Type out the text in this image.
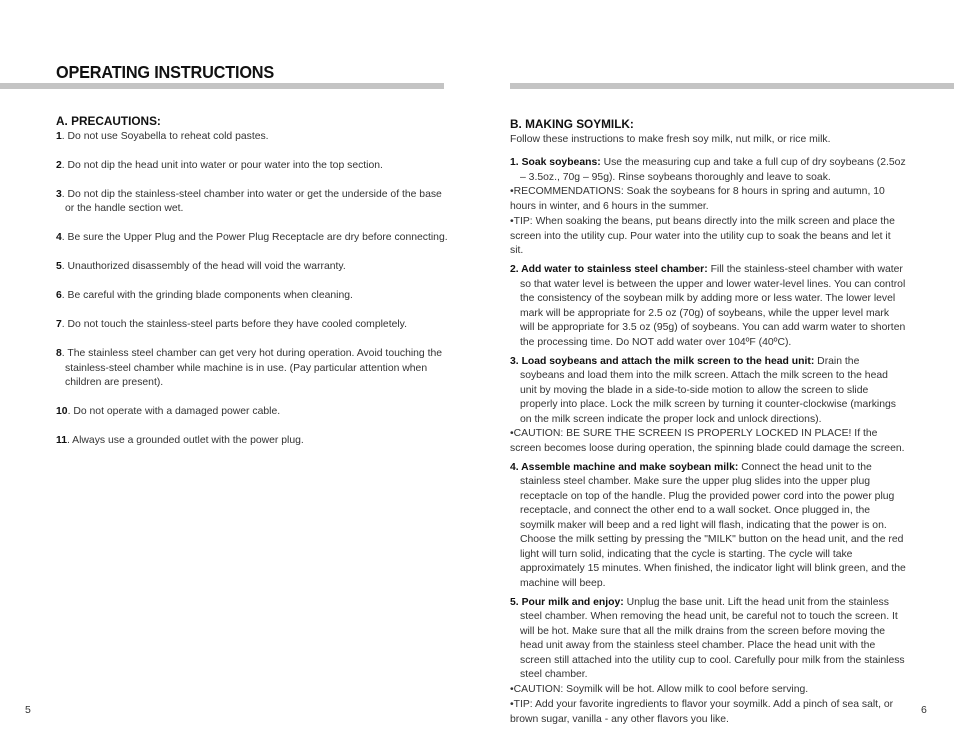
OPERATING INSTRUCTIONS
A. PRECAUTIONS:
1. Do not use Soyabella to reheat cold pastes.
2. Do not dip the head unit into water or pour water into the top section.
3. Do not dip the stainless-steel chamber into water or get the underside of the base or the handle section wet.
4. Be sure the Upper Plug and the Power Plug Receptacle are dry before connecting.
5. Unauthorized disassembly of the head will void the warranty.
6. Be careful with the grinding blade components when cleaning.
7. Do not touch the stainless-steel parts before they have cooled completely.
8. The stainless steel chamber can get very hot during operation. Avoid touching the stainless-steel chamber while machine is in use. (Pay particular attention when children are present).
10. Do not operate with a damaged power cable.
11. Always use a grounded outlet with the power plug.
B. MAKING SOYMILK:
Follow these instructions to make fresh soy milk, nut milk, or rice milk.
1. Soak soybeans: Use the measuring cup and take a full cup of dry soybeans (2.5oz – 3.5oz., 70g – 95g). Rinse soybeans thoroughly and leave to soak.
•RECOMMENDATIONS: Soak the soybeans for 8 hours in spring and autumn, 10 hours in winter, and 6 hours in the summer.
•TIP: When soaking the beans, put beans directly into the milk screen and place the screen into the utility cup. Pour water into the utility cup to soak the beans and let it sit.
2. Add water to stainless steel chamber: Fill the stainless-steel chamber with water so that water level is between the upper and lower water-level lines. You can control the consistency of the soybean milk by adding more or less water. The lower level mark will be appropriate for 2.5 oz (70g) of soybeans, while the upper level mark will be appropriate for 3.5 oz (95g) of soybeans. You can add warm water to shorten the processing time. Do NOT add water over 104ºF (40ºC).
3. Load soybeans and attach the milk screen to the head unit: Drain the soybeans and load them into the milk screen. Attach the milk screen to the head unit by moving the blade in a side-to-side motion to allow the screen to slide properly into place. Lock the milk screen by turning it counter-clockwise (markings on the milk screen indicate the proper lock and unlock directions).
•CAUTION: BE SURE THE SCREEN IS PROPERLY LOCKED IN PLACE! If the screen becomes loose during operation, the spinning blade could damage the screen.
4. Assemble machine and make soybean milk: Connect the head unit to the stainless steel chamber. Make sure the upper plug slides into the upper plug receptacle on top of the handle. Plug the provided power cord into the power plug receptacle, and connect the other end to a wall socket. Once plugged in, the soymilk maker will beep and a red light will flash, indicating that the power is on. Choose the milk setting by pressing the "MILK" button on the head unit, and the red light will turn solid, indicating that the cycle is starting. The cycle will take approximately 15 minutes. When finished, the indicator light will blink green, and the machine will beep.
5. Pour milk and enjoy: Unplug the base unit. Lift the head unit from the stainless steel chamber. When removing the head unit, be careful not to touch the screen. It will be hot. Make sure that all the milk drains from the screen before moving the head unit away from the stainless steel chamber. Place the head unit with the screen still attached into the utility cup to cool. Carefully pour milk from the stainless steel chamber.
•CAUTION: Soymilk will be hot. Allow milk to cool before serving.
•TIP: Add your favorite ingredients to flavor your soymilk. Add a pinch of sea salt, or brown sugar, vanilla - any other flavors you like.
5	6
